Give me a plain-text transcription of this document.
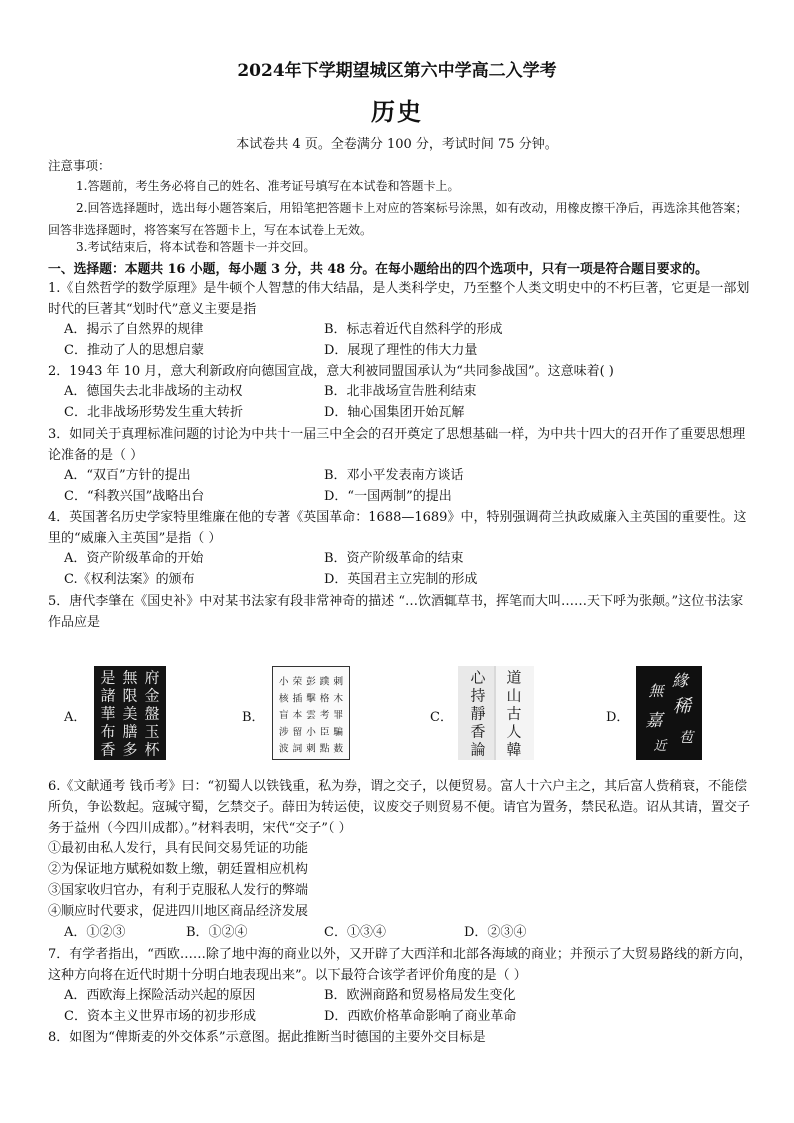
2024年下学期望城区第六中学高二入学考
历史
本试卷共 4 页。全卷满分 100 分，考试时间 75 分钟。
注意事项：
1.答题前，考生务必将自己的姓名、准考证号填写在本试卷和答题卡上。
2.回答选择题时，选出每小题答案后，用铅笔把答题卡上对应的答案标号涂黑，如有改动，用橡皮擦干净后，再选涂其他答案；回答非选择题时，将答案写在答题卡上，写在本试卷上无效。
3.考试结束后，将本试卷和答题卡一并交回。
一、选择题：本题共 16 小题，每小题 3 分，共 48 分。在每小题给出的四个选项中，只有一项是符合题目要求的。
1.《自然哲学的数学原理》是牛顿个人智慧的伟大结晶，是人类科学史，乃至整个人类文明史中的不朽巨著，它更是一部划时代的巨著其“划时代”意义主要是指
A．揭示了自然界的规律	B．标志着近代自然科学的形成
C．推动了人的思想启蒙	D．展现了理性的伟大力量
2．1943 年 10 月，意大利新政府向德国宣战，意大利被同盟国承认为“共同参战国”。这意味着( )
A．德国失去北非战场的主动权	B．北非战场宣告胜利结束
C．北非战场形势发生重大转折	D．轴心国集团开始瓦解
3．如同关于真理标准问题的讨论为中共十一届三中全会的召开奠定了思想基础一样，为中共十四大的召开作了重要思想理论准备的是（ ）
A．“双百”方针的提出	B．邓小平发表南方谈话
C．“科教兴国”战略出台	D．“一国两制”的提出
4．英国著名历史学家特里维廉在他的专著《英国革命：1688—1689》中，特别强调荷兰执政威廉入主英国的重要性。这里的“威廉入主英国”是指（ ）
A．资产阶级革命的开始	B．资产阶级革命的结束
C.《权利法案》的颁布	D．英国君主立宪制的形成
5．唐代李肇在《国史补》中对某书法家有段非常神奇的描述 “…饮酒辄草书，挥笔而大叫……天下呼为张颠。”这位书法家作品应是
A．
府
金
盤
玉
杯
無
限
美
膳
多
是
諸
華
布
香
B．
刺
木
罪
騙
薮
蹼
格
考
臣
點
彭
擊
雲
小
刺
荣
插
本
留
詞
小
核
盲
涉
波
C．
道
山
古
人
韓
心
持
靜
香
論
D．
緣
稀
苞
無
嘉
近
6.《文献通考 钱币考》曰：“初蜀人以铁钱重，私为券，谓之交子，以便贸易。富人十六户主之，其后富人赀稍衰，不能偿所负，争讼数起。寇瑊守蜀，乞禁交子。薛田为转运使，议废交子则贸易不便。请官为置务，禁民私造。诏从其请，置交子务于益州（今四川成都）。”材料表明，宋代“交子”（ ）
①最初由私人发行，具有民间交易凭证的功能
②为保证地方赋税如数上缴，朝廷置相应机构
③国家收归官办，有利于克服私人发行的弊端
④顺应时代要求，促进四川地区商品经济发展
A．①②③	B．①②④	C．①③④	D．②③④
7．有学者指出，“西欧……除了地中海的商业以外，又开辟了大西洋和北部各海域的商业；并预示了大贸易路线的新方向，这种方向将在近代时期十分明白地表现出来”。以下最符合该学者评价角度的是（ ）
A．西欧海上探险活动兴起的原因	B．欧洲商路和贸易格局发生变化
C．资本主义世界市场的初步形成	D．西欧价格革命影响了商业革命
8．如图为“俾斯麦的外交体系”示意图。据此推断当时德国的主要外交目标是
